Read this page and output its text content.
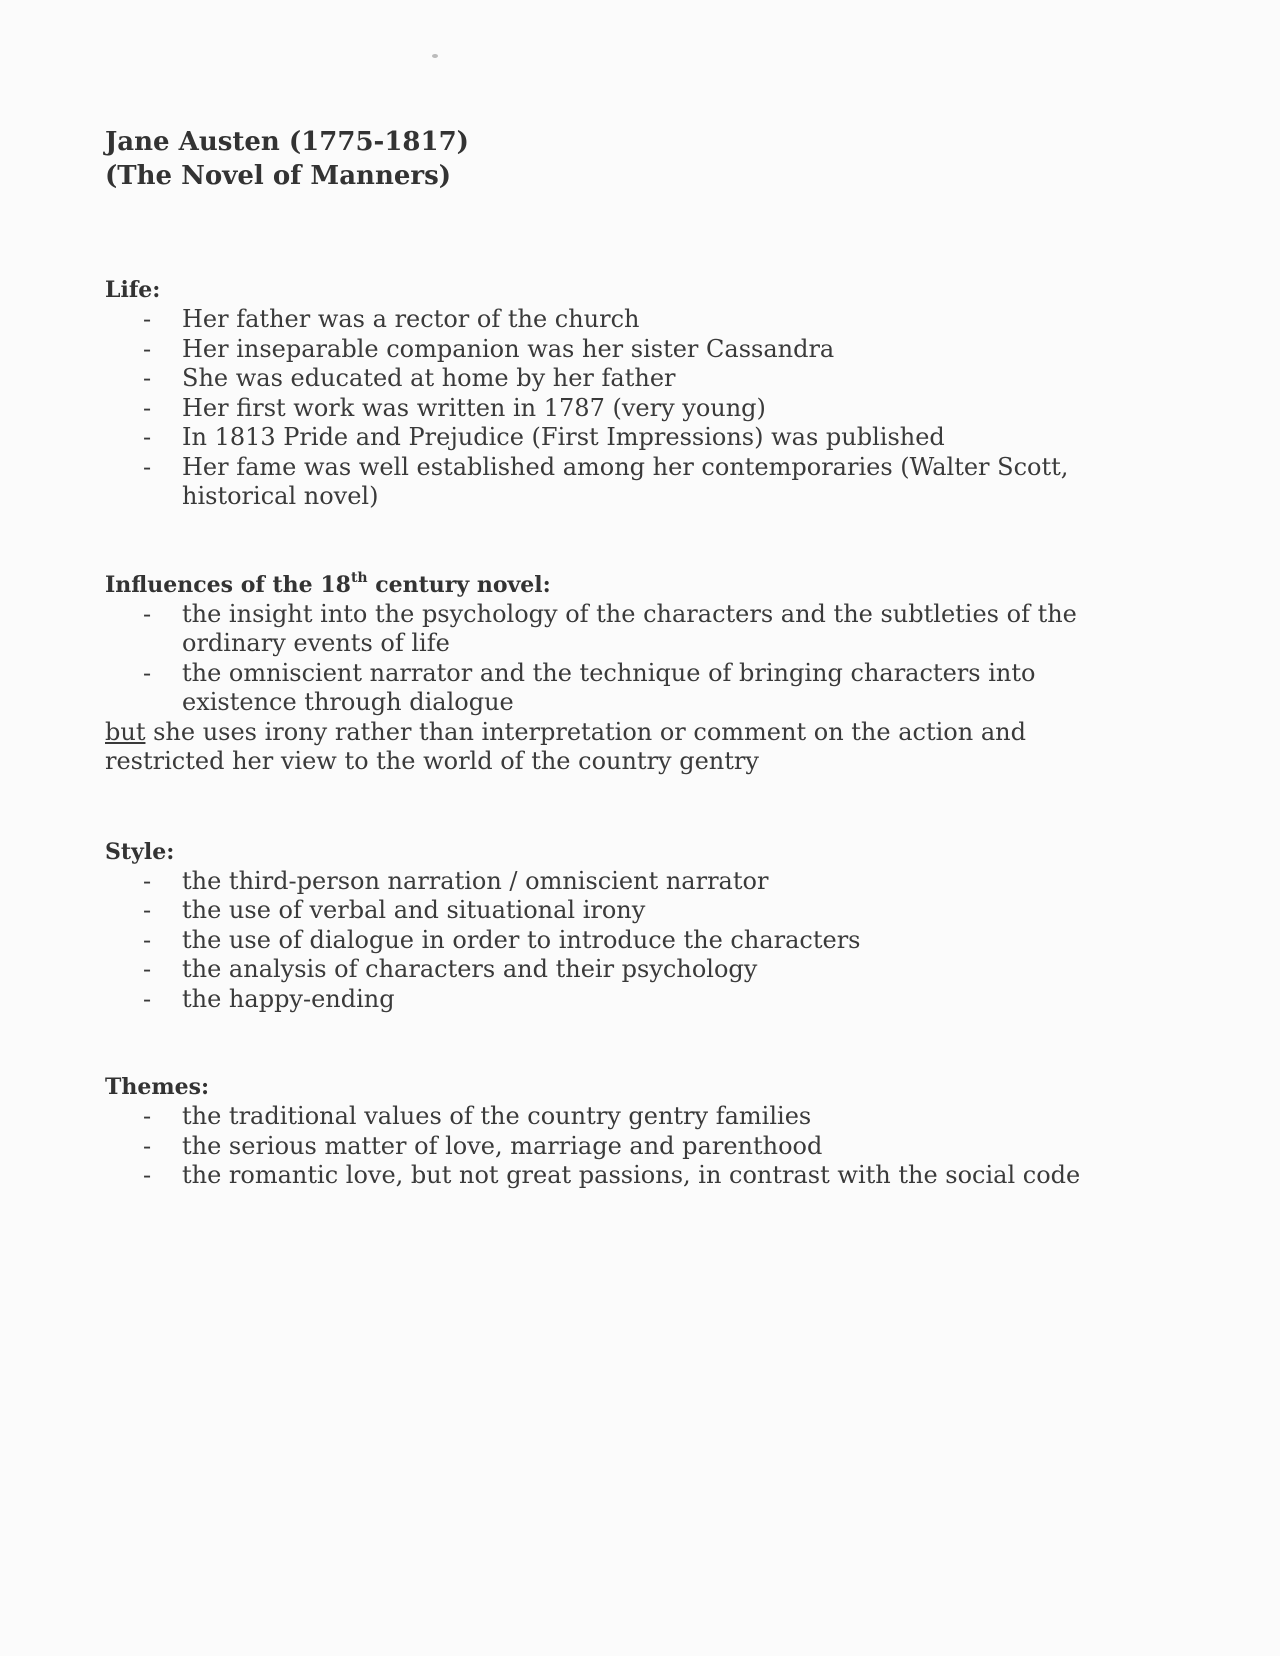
Jane Austen (1775-1817)
(The Novel of Manners)
Life:
- Her father was a rector of the church
- Her inseparable companion was her sister Cassandra
- She was educated at home by her father
- Her first work was written in 1787 (very young)
- In 1813 Pride and Prejudice (First Impressions) was published
- Her fame was well established among her contemporaries (Walter Scott, historical novel)
Influences of the 18th century novel:
- the insight into the psychology of the characters and the subtleties of the ordinary events of life
- the omniscient narrator and the technique of bringing characters into existence through dialogue

but she uses irony rather than interpretation or comment on the action and restricted her view to the world of the country gentry

Style:
- the third-person narration / omniscient narrator
- the use of verbal and situational irony
- the use of dialogue in order to introduce the characters
- the analysis of characters and their psychology
- the happy-ending
Themes:
- the traditional values of the country gentry families
- the serious matter of love, marriage and parenthood
- the romantic love, but not great passions, in contrast with the social code
